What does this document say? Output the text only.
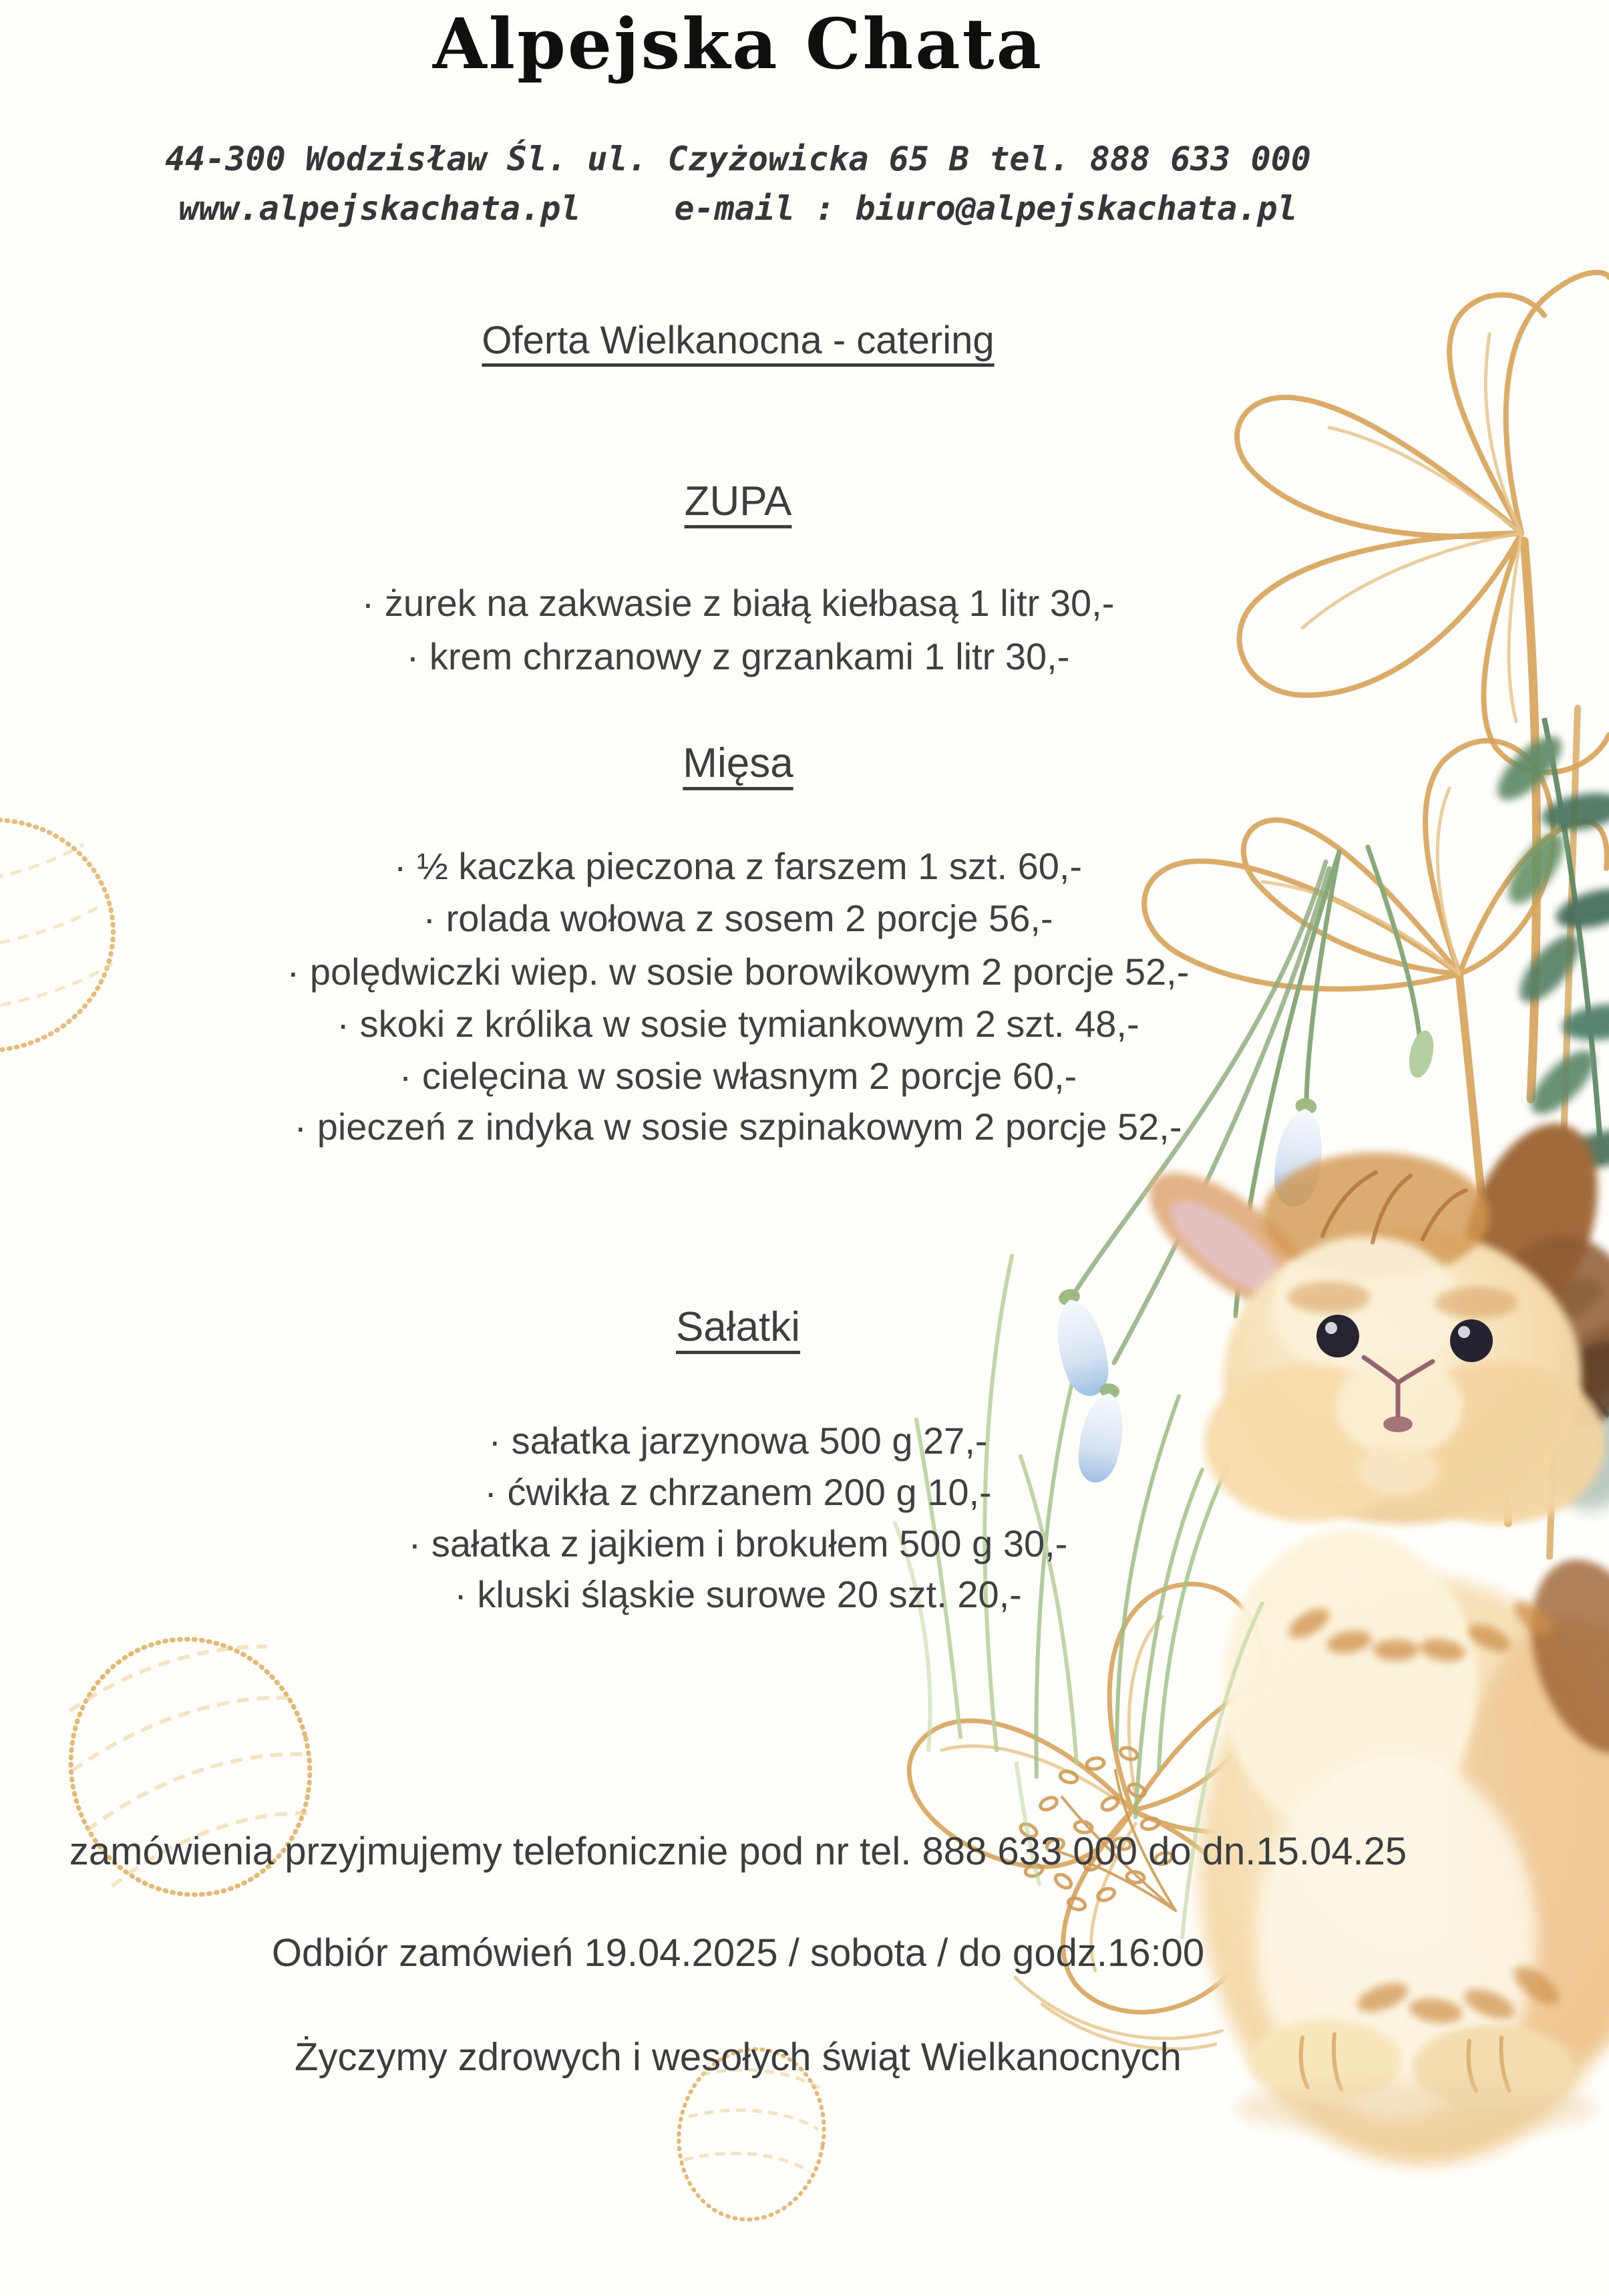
Alpejska Chata
44-300 Wodzisław Śl. ul. Czyżowicka 65 B tel. 888 633 000
www.alpejskachata.pl	e-mail : biuro@alpejskachata.pl
Oferta Wielkanocna - catering
ZUPA
· żurek na zakwasie z białą kiełbasą 1 litr 30,-
· krem chrzanowy z grzankami 1 litr 30,-
Mięsa
· ½ kaczka pieczona z farszem 1 szt. 60,-
· rolada wołowa z sosem 2 porcje 56,-
· polędwiczki wiep. w sosie borowikowym 2 porcje 52,-
· skoki z królika w sosie tymiankowym 2 szt. 48,-
· cielęcina w sosie własnym 2 porcje 60,-
· pieczeń z indyka w sosie szpinakowym 2 porcje 52,-
Sałatki
· sałatka jarzynowa 500 g 27,-
· ćwikła z chrzanem 200 g 10,-
· sałatka z jajkiem i brokułem 500 g 30,-
· kluski śląskie surowe 20 szt. 20,-
zamówienia przyjmujemy telefonicznie pod nr tel. 888 633 000 do dn.15.04.25
Odbiór zamówień 19.04.2025 / sobota / do godz.16:00
Życzymy zdrowych i wesołych świąt Wielkanocnych
